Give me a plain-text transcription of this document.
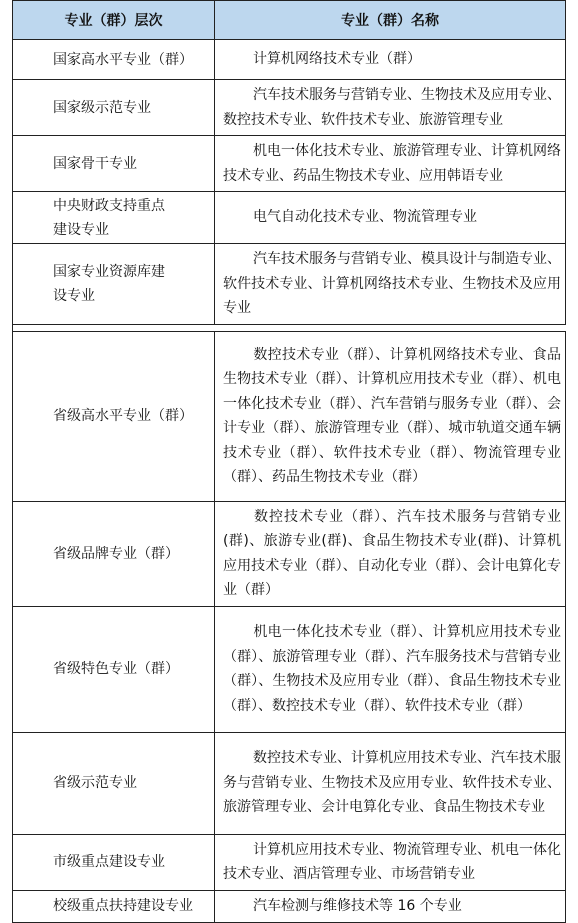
专业（群）层次	专业（群）名称
国家高水平专业（群）	计算机网络技术专业（群）
国家级示范专业	汽车技术服务与营销专业、生物技术及应用专业、数控技术专业、软件技术专业、旅游管理专业
国家骨干专业	机电一体化技术专业、旅游管理专业、计算机网络技术专业、药品生物技术专业、应用韩语专业
中央财政支持重点建设专业	电气自动化技术专业、物流管理专业
国家专业资源库建设专业	汽车技术服务与营销专业、模具设计与制造专业、软件技术专业、计算机网络技术专业、生物技术及应用专业

省级高水平专业（群）	数控技术专业（群）、计算机网络技术专业、食品生物技术专业（群）、计算机应用技术专业（群）、机电一体化技术专业（群）、汽车营销与服务专业（群）、会计专业（群）、旅游管理专业（群）、城市轨道交通车辆技术专业（群）、软件技术专业（群）、物流管理专业（群）、药品生物技术专业（群）
省级品牌专业（群）	数控技术专业（群）、汽车技术服务与营销专业(群)、旅游专业(群)、食品生物技术专业(群)、计算机应用技术专业（群）、自动化专业（群）、会计电算化专业（群）
省级特色专业（群）	机电一体化技术专业（群）、计算机应用技术专业（群）、旅游管理专业（群）、汽车服务技术与营销专业（群）、生物技术及应用专业（群）、食品生物技术专业（群）、数控技术专业（群）、软件技术专业（群）
省级示范专业	数控技术专业、计算机应用技术专业、汽车技术服务与营销专业、生物技术及应用专业、软件技术专业、旅游管理专业、会计电算化专业、食品生物技术专业
市级重点建设专业	计算机应用技术专业、物流管理专业、机电一体化技术专业、酒店管理专业、市场营销专业
校级重点扶持建设专业	汽车检测与维修技术等 16 个专业
